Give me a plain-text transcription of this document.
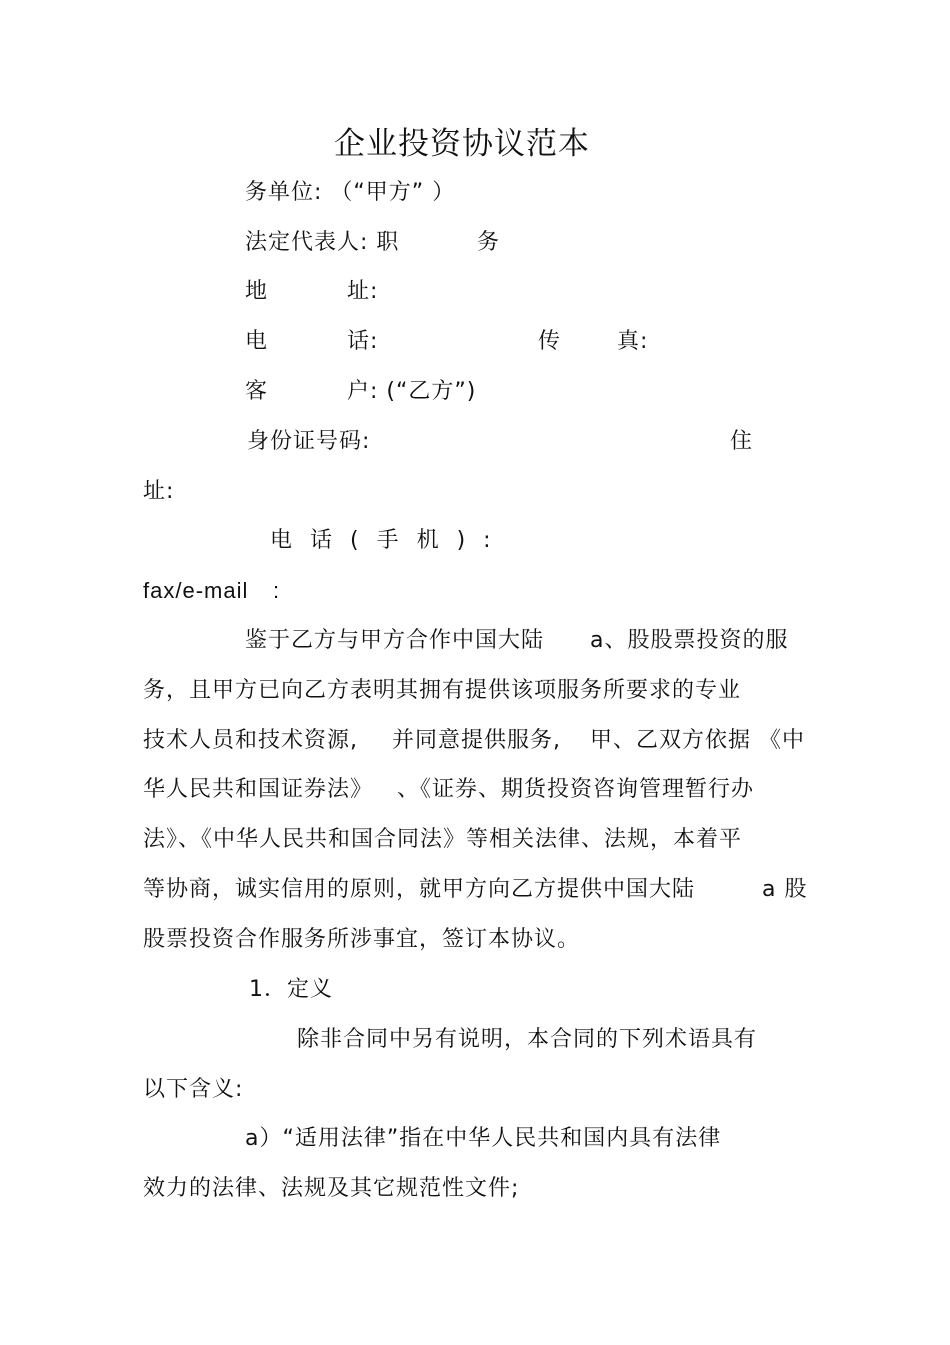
企业投资协议范本
务单位: （“甲方” ）
法定代表人: 职	务
地	址:
电	话:	传	真:
客	户: (“乙方”)
身份证号码:	住
址:
电话(手机):
fax/e-mail :
鉴于乙方与甲方合作中国大陆 a、股股票投资的服
务，且甲方已向乙方表明其拥有提供该项服务所要求的专业
技术人员和技术资源, 并同意提供服务, 甲、乙双方依据 《中
华人民共和国证券法》 、《证券、期货投资咨询管理暂行办
法》、《中华人民共和国合同法》等相关法律、法规，本着平
等协商，诚实信用的原则，就甲方向乙方提供中国大陆	a 股
股票投资合作服务所涉事宜，签订本协议。
1．定义
除非合同中另有说明，本合同的下列术语具有
以下含义:
a）“适用法律”指在中华人民共和国内具有法律
效力的法律、法规及其它规范性文件;
